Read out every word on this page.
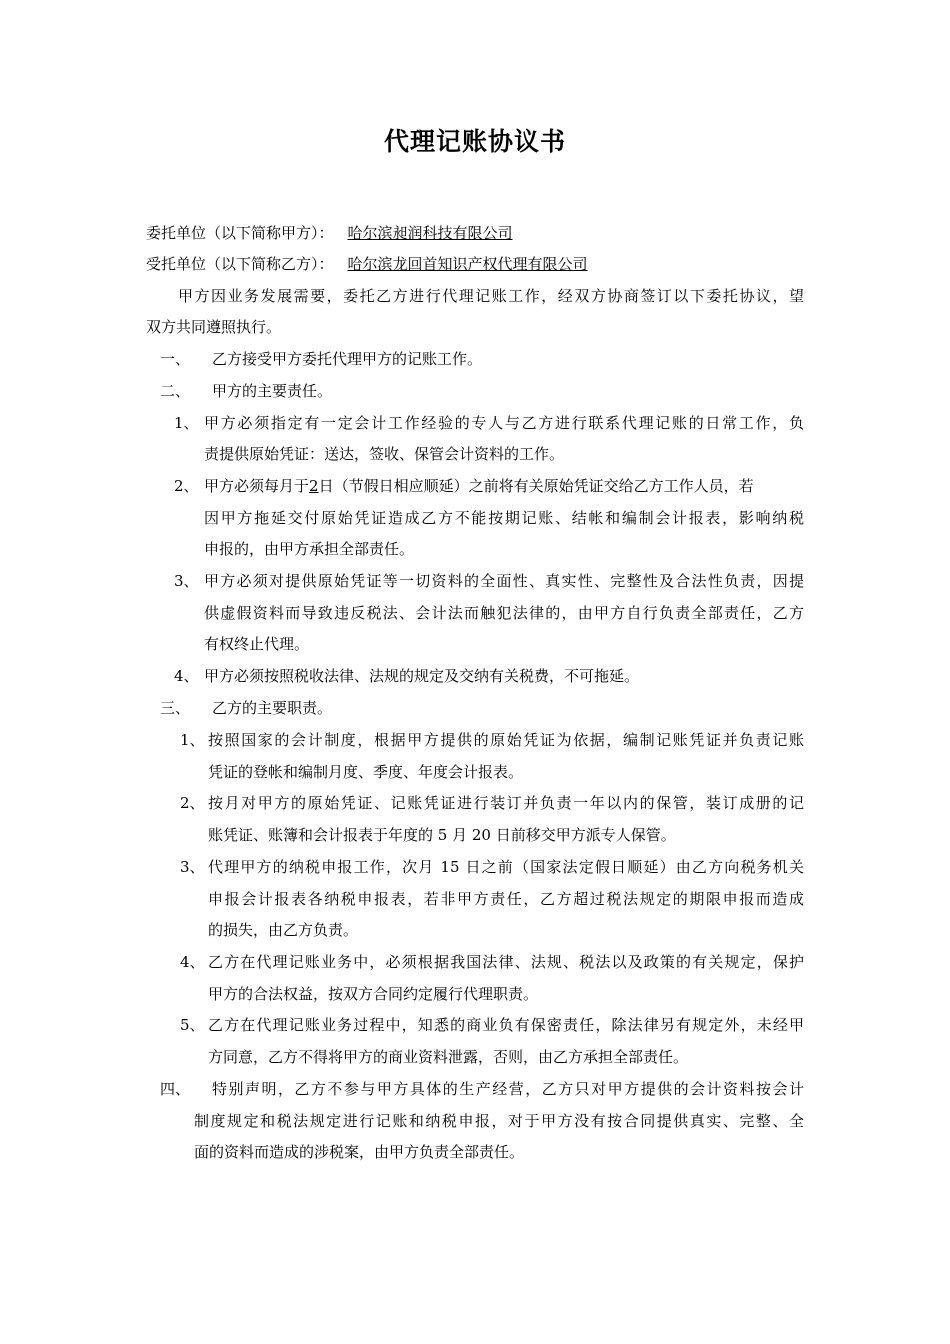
代理记账协议书
委托单位（以下简称甲方）： 哈尔滨昶润科技有限公司
受托单位（以下简称乙方）： 哈尔滨龙回首知识产权代理有限公司
甲方因业务发展需要，委托乙方进行代理记账工作，经双方协商签订以下委托协议，望
双方共同遵照执行。
一、 乙方接受甲方委托代理甲方的记账工作。
二、 甲方的主要责任。
1、 甲方必须指定有一定会计工作经验的专人与乙方进行联系代理记账的日常工作，负
责提供原始凭证：送达，签收、保管会计资料的工作。
2、 甲方必须每月于2日（节假日相应顺延）之前将有关原始凭证交给乙方工作人员，若
因甲方拖延交付原始凭证造成乙方不能按期记账、结帐和编制会计报表，影响纳税
申报的，由甲方承担全部责任。
3、 甲方必须对提供原始凭证等一切资料的全面性、真实性、完整性及合法性负责，因提
供虚假资料而导致违反税法、会计法而触犯法律的，由甲方自行负责全部责任，乙方
有权终止代理。
4、 甲方必须按照税收法律、法规的规定及交纳有关税费，不可拖延。
三、 乙方的主要职责。
1、 按照国家的会计制度，根据甲方提供的原始凭证为依据，编制记账凭证并负责记账
凭证的登帐和编制月度、季度、年度会计报表。
2、 按月对甲方的原始凭证、记账凭证进行装订并负责一年以内的保管，装订成册的记
账凭证、账簿和会计报表于年度的 5 月 20 日前移交甲方派专人保管。
3、 代理甲方的纳税申报工作，次月 15 日之前（国家法定假日顺延）由乙方向税务机关
申报会计报表各纳税申报表，若非甲方责任，乙方超过税法规定的期限申报而造成
的损失，由乙方负责。
4、 乙方在代理记账业务中，必须根据我国法律、法规、税法以及政策的有关规定，保护
甲方的合法权益，按双方合同约定履行代理职责。
5、 乙方在代理记账业务过程中，知悉的商业负有保密责任，除法律另有规定外，未经甲
方同意，乙方不得将甲方的商业资料泄露，否则，由乙方承担全部责任。
四、 特别声明，乙方不参与甲方具体的生产经营，乙方只对甲方提供的会计资料按会计
制度规定和税法规定进行记账和纳税申报，对于甲方没有按合同提供真实、完整、全
面的资料而造成的涉税案，由甲方负责全部责任。
